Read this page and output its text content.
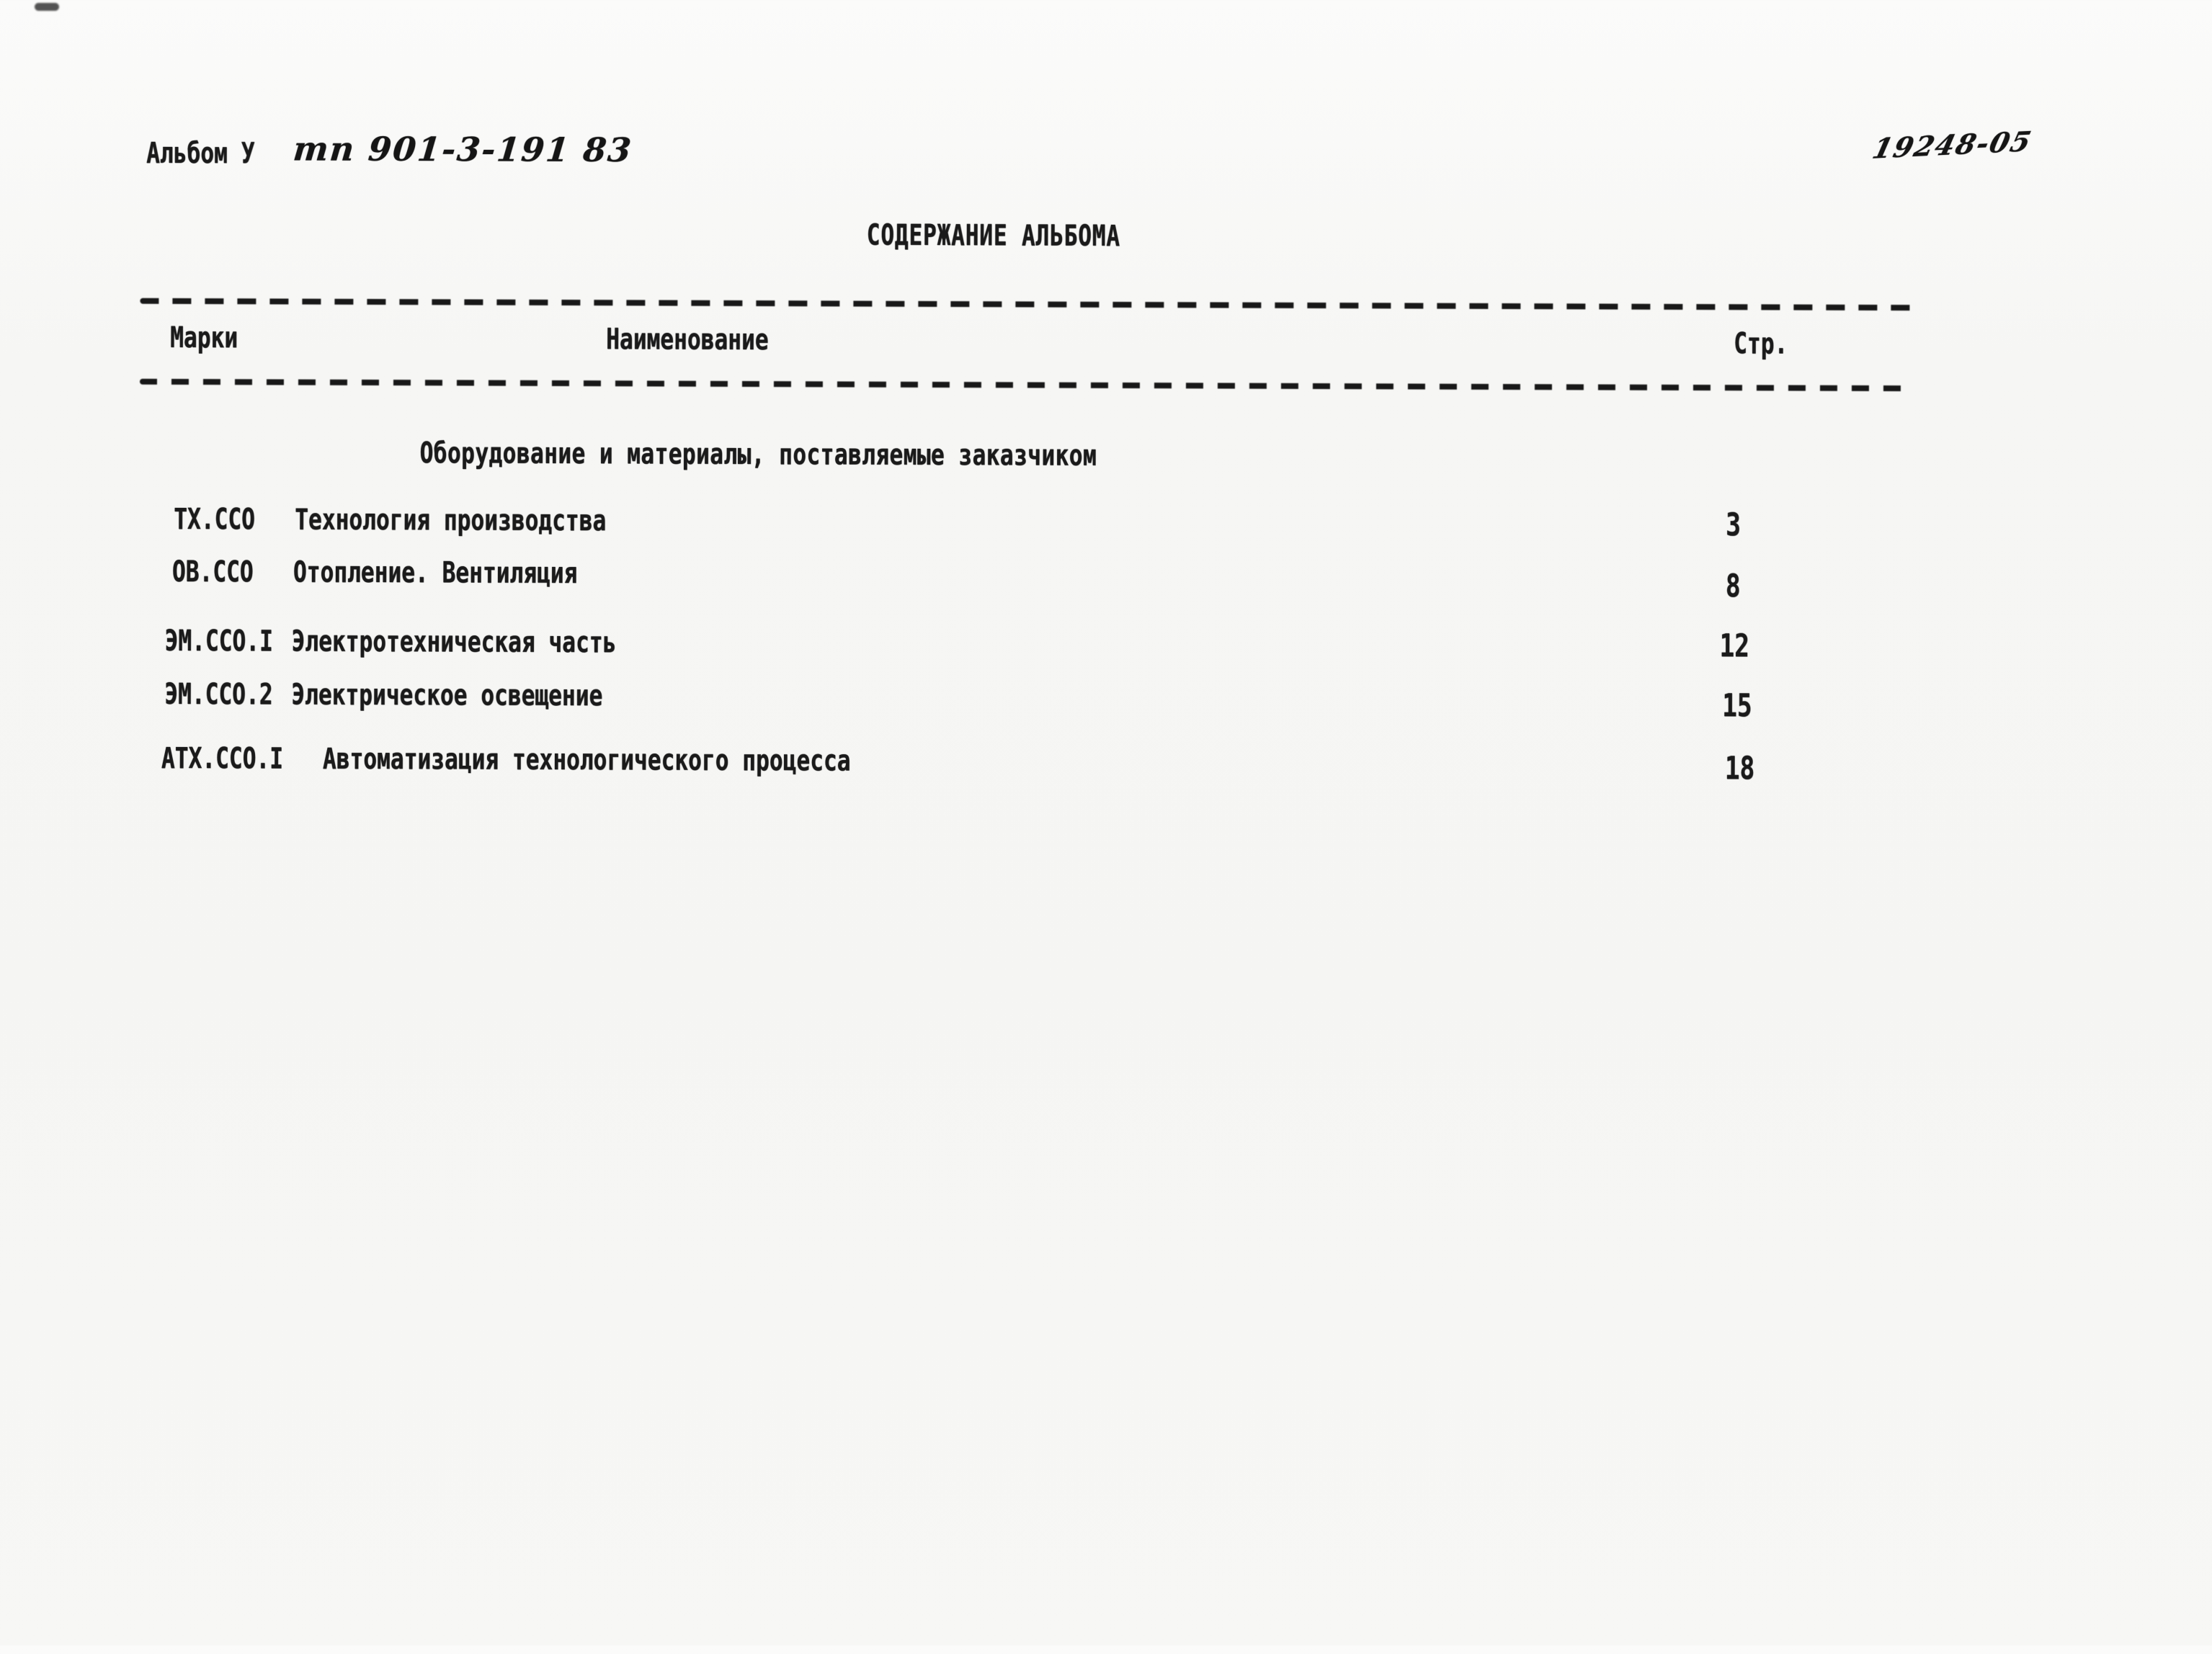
Альбом У тп 901-3-191 83	19248-05
СОДЕРЖАНИЕ АЛЬБОМА
Марки	Наименование	Стр.
Оборудование и материалы, поставляемые заказчиком
ТХ.ССО Технология производства	3
ОВ.ССО Отопление. Вентиляция	8
ЭМ.ССО.I Электротехническая часть	12
ЭМ.ССО.2 Электрическое освещение	15
АТХ.ССО.I Автоматизация технологического процесса	18
